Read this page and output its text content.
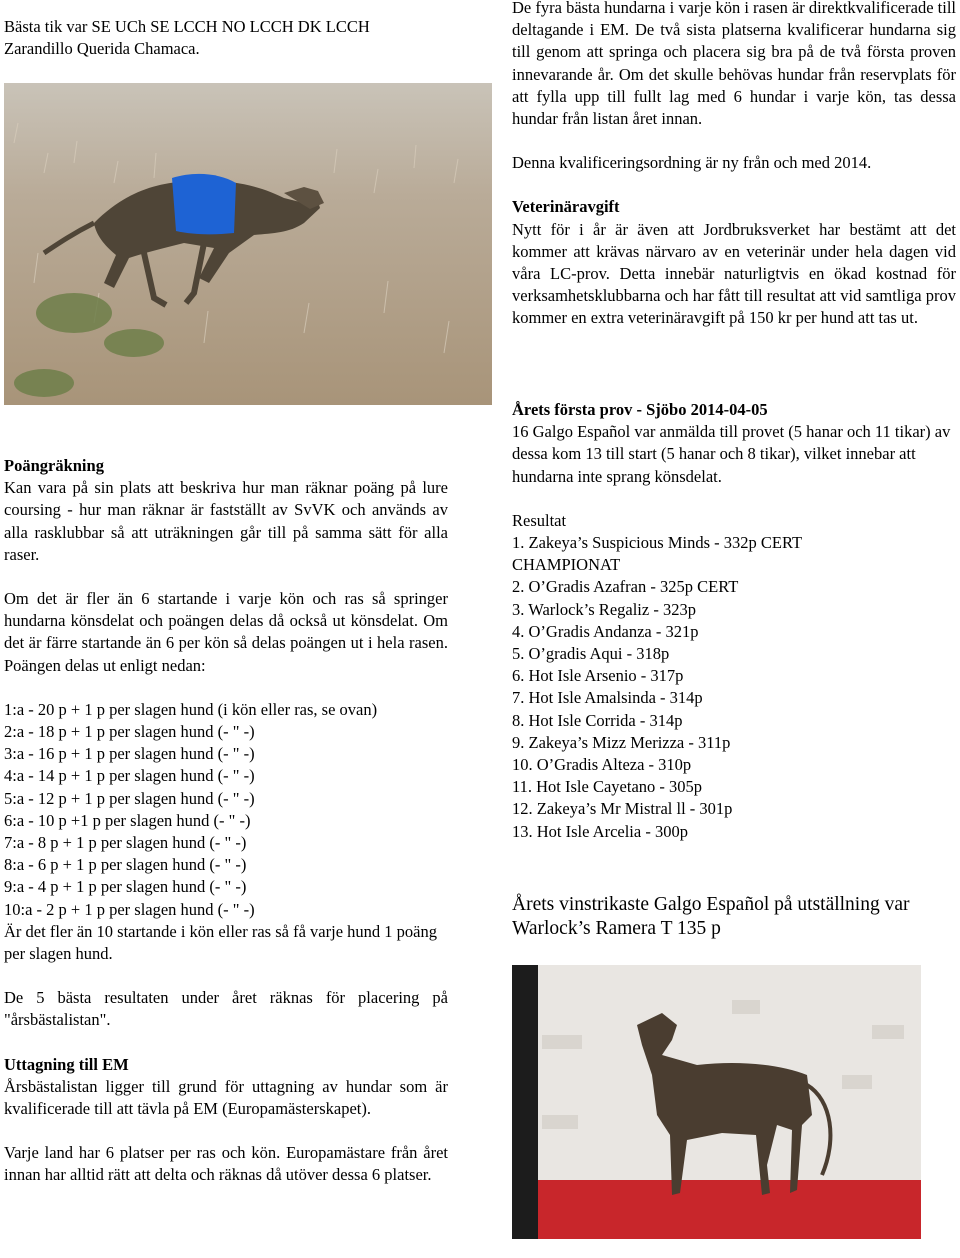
Bästa tik var SE UCh SE LCCH NO LCCH DK LCCH

Zarandillo Querida Chamaca.

Poängräkning

Kan vara på sin plats att beskriva hur man räknar poäng på lure coursing - hur man räknar är fastställt av SvVK och används av alla rasklubbar så att uträkningen går till på samma sätt för alla raser.

Om det är fler än 6 startande i varje kön och ras så springer hundarna könsdelat och poängen delas då också ut könsdelat. Om det är färre startande än 6 per kön så delas poängen ut i hela rasen. Poängen delas ut enligt nedan:

1:a - 20 p + 1 p per slagen hund (i kön eller ras, se ovan)

2:a - 18 p + 1 p per slagen hund (- " -)

3:a - 16 p + 1 p per slagen hund (- " -)

4:a - 14 p + 1 p per slagen hund (- " -)

5:a - 12 p + 1 p per slagen hund (- " -)

6:a - 10 p +1 p per slagen hund (- " -)

7:a - 8 p + 1 p per slagen hund (- " -)

8:a - 6 p + 1 p per slagen hund (- " -)

9:a - 4 p + 1 p per slagen hund (- " -)

10:a - 2 p + 1 p per slagen hund (- " -)

Är det fler än 10 startande i kön eller ras så få varje hund 1 poäng per slagen hund.

De 5 bästa resultaten under året räknas för placering på "årsbästalistan".

Uttagning till EM

Årsbästalistan ligger till grund för uttagning av hundar som är kvalificerade till att tävla på EM (Europamästerskapet).

Varje land har 6 platser per ras och kön. Europamästare från året innan har alltid rätt att delta och räknas då utöver dessa 6 platser.

De fyra bästa hundarna i varje kön i rasen är direktkvalificerade till deltagande i EM. De två sista platserna kvalificerar hundarna sig till genom att springa och placera sig bra på de två första proven innevarande år. Om det skulle behövas hundar från reservplats för att fylla upp till fullt lag med 6 hundar i varje kön, tas dessa hundar från listan året innan.

Denna kvalificeringsordning är ny från och med 2014.

Veterinäravgift

Nytt för i år är även att Jordbruksverket har bestämt att det kommer att krävas närvaro av en veterinär under hela dagen vid våra LC-prov. Detta innebär naturligtvis en ökad kostnad för verksamhetsklubbarna och har fått till resultat att vid samtliga prov kommer en extra veterinäravgift på 150 kr per hund att tas ut.

Årets första prov - Sjöbo 2014-04-05

16 Galgo Español var anmälda till provet (5 hanar och 11 tikar) av dessa kom 13 till start (5 hanar och 8 tikar), vilket innebar att hundarna inte sprang könsdelat.

Resultat

1. Zakeya’s Suspicious Minds - 332p CERT

CHAMPIONAT

2. O’Gradis Azafran - 325p CERT

3. Warlock’s Regaliz - 323p

4. O’Gradis Andanza - 321p

5. O’gradis Aqui - 318p

6. Hot Isle Arsenio - 317p

7. Hot Isle Amalsinda - 314p

8. Hot Isle Corrida - 314p

9. Zakeya’s Mizz Merizza - 311p

10. O’Gradis Alteza - 310p

11. Hot Isle Cayetano - 305p

12. Zakeya’s Mr Mistral ll - 301p

13. Hot Isle Arcelia - 300p

Årets vinstrikaste Galgo Español på utställning var

Warlock’s Ramera T 135 p
